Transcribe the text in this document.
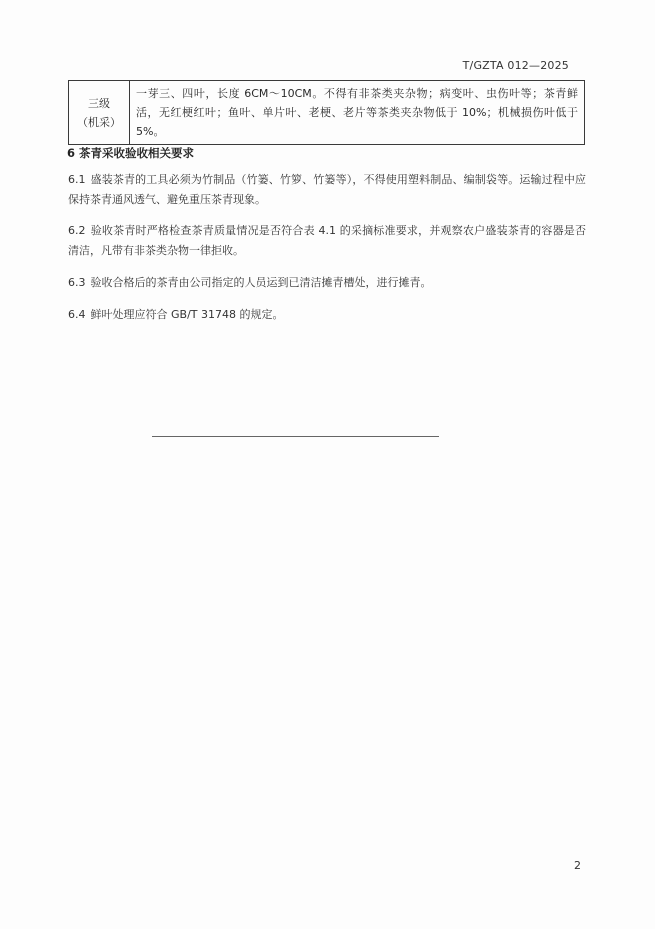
T/GZTA 012—2025
三级
（机采）
	一芽三、四叶，长度 6CM～10CM。不得有非茶类夹杂物；病变叶、虫伤叶等；茶青鲜活，无红梗红叶；鱼叶、单片叶、老梗、老片等茶类夹杂物低于 10%；机械损伤叶低于 5%。
6 茶青采收验收相关要求
6.1 盛装茶青的工具必须为竹制品（竹篓、竹箩、竹篓等），不得使用塑料制品、编制袋等。运输过程中应保持茶青通风透气、避免重压茶青现象。
6.2 验收茶青时严格检查茶青质量情况是否符合表 4.1 的采摘标准要求，并观察农户盛装茶青的容器是否清洁，凡带有非茶类杂物一律拒收。
6.3 验收合格后的茶青由公司指定的人员运到已清洁摊青槽处，进行摊青。
6.4 鲜叶处理应符合 GB/T 31748 的规定。
2
